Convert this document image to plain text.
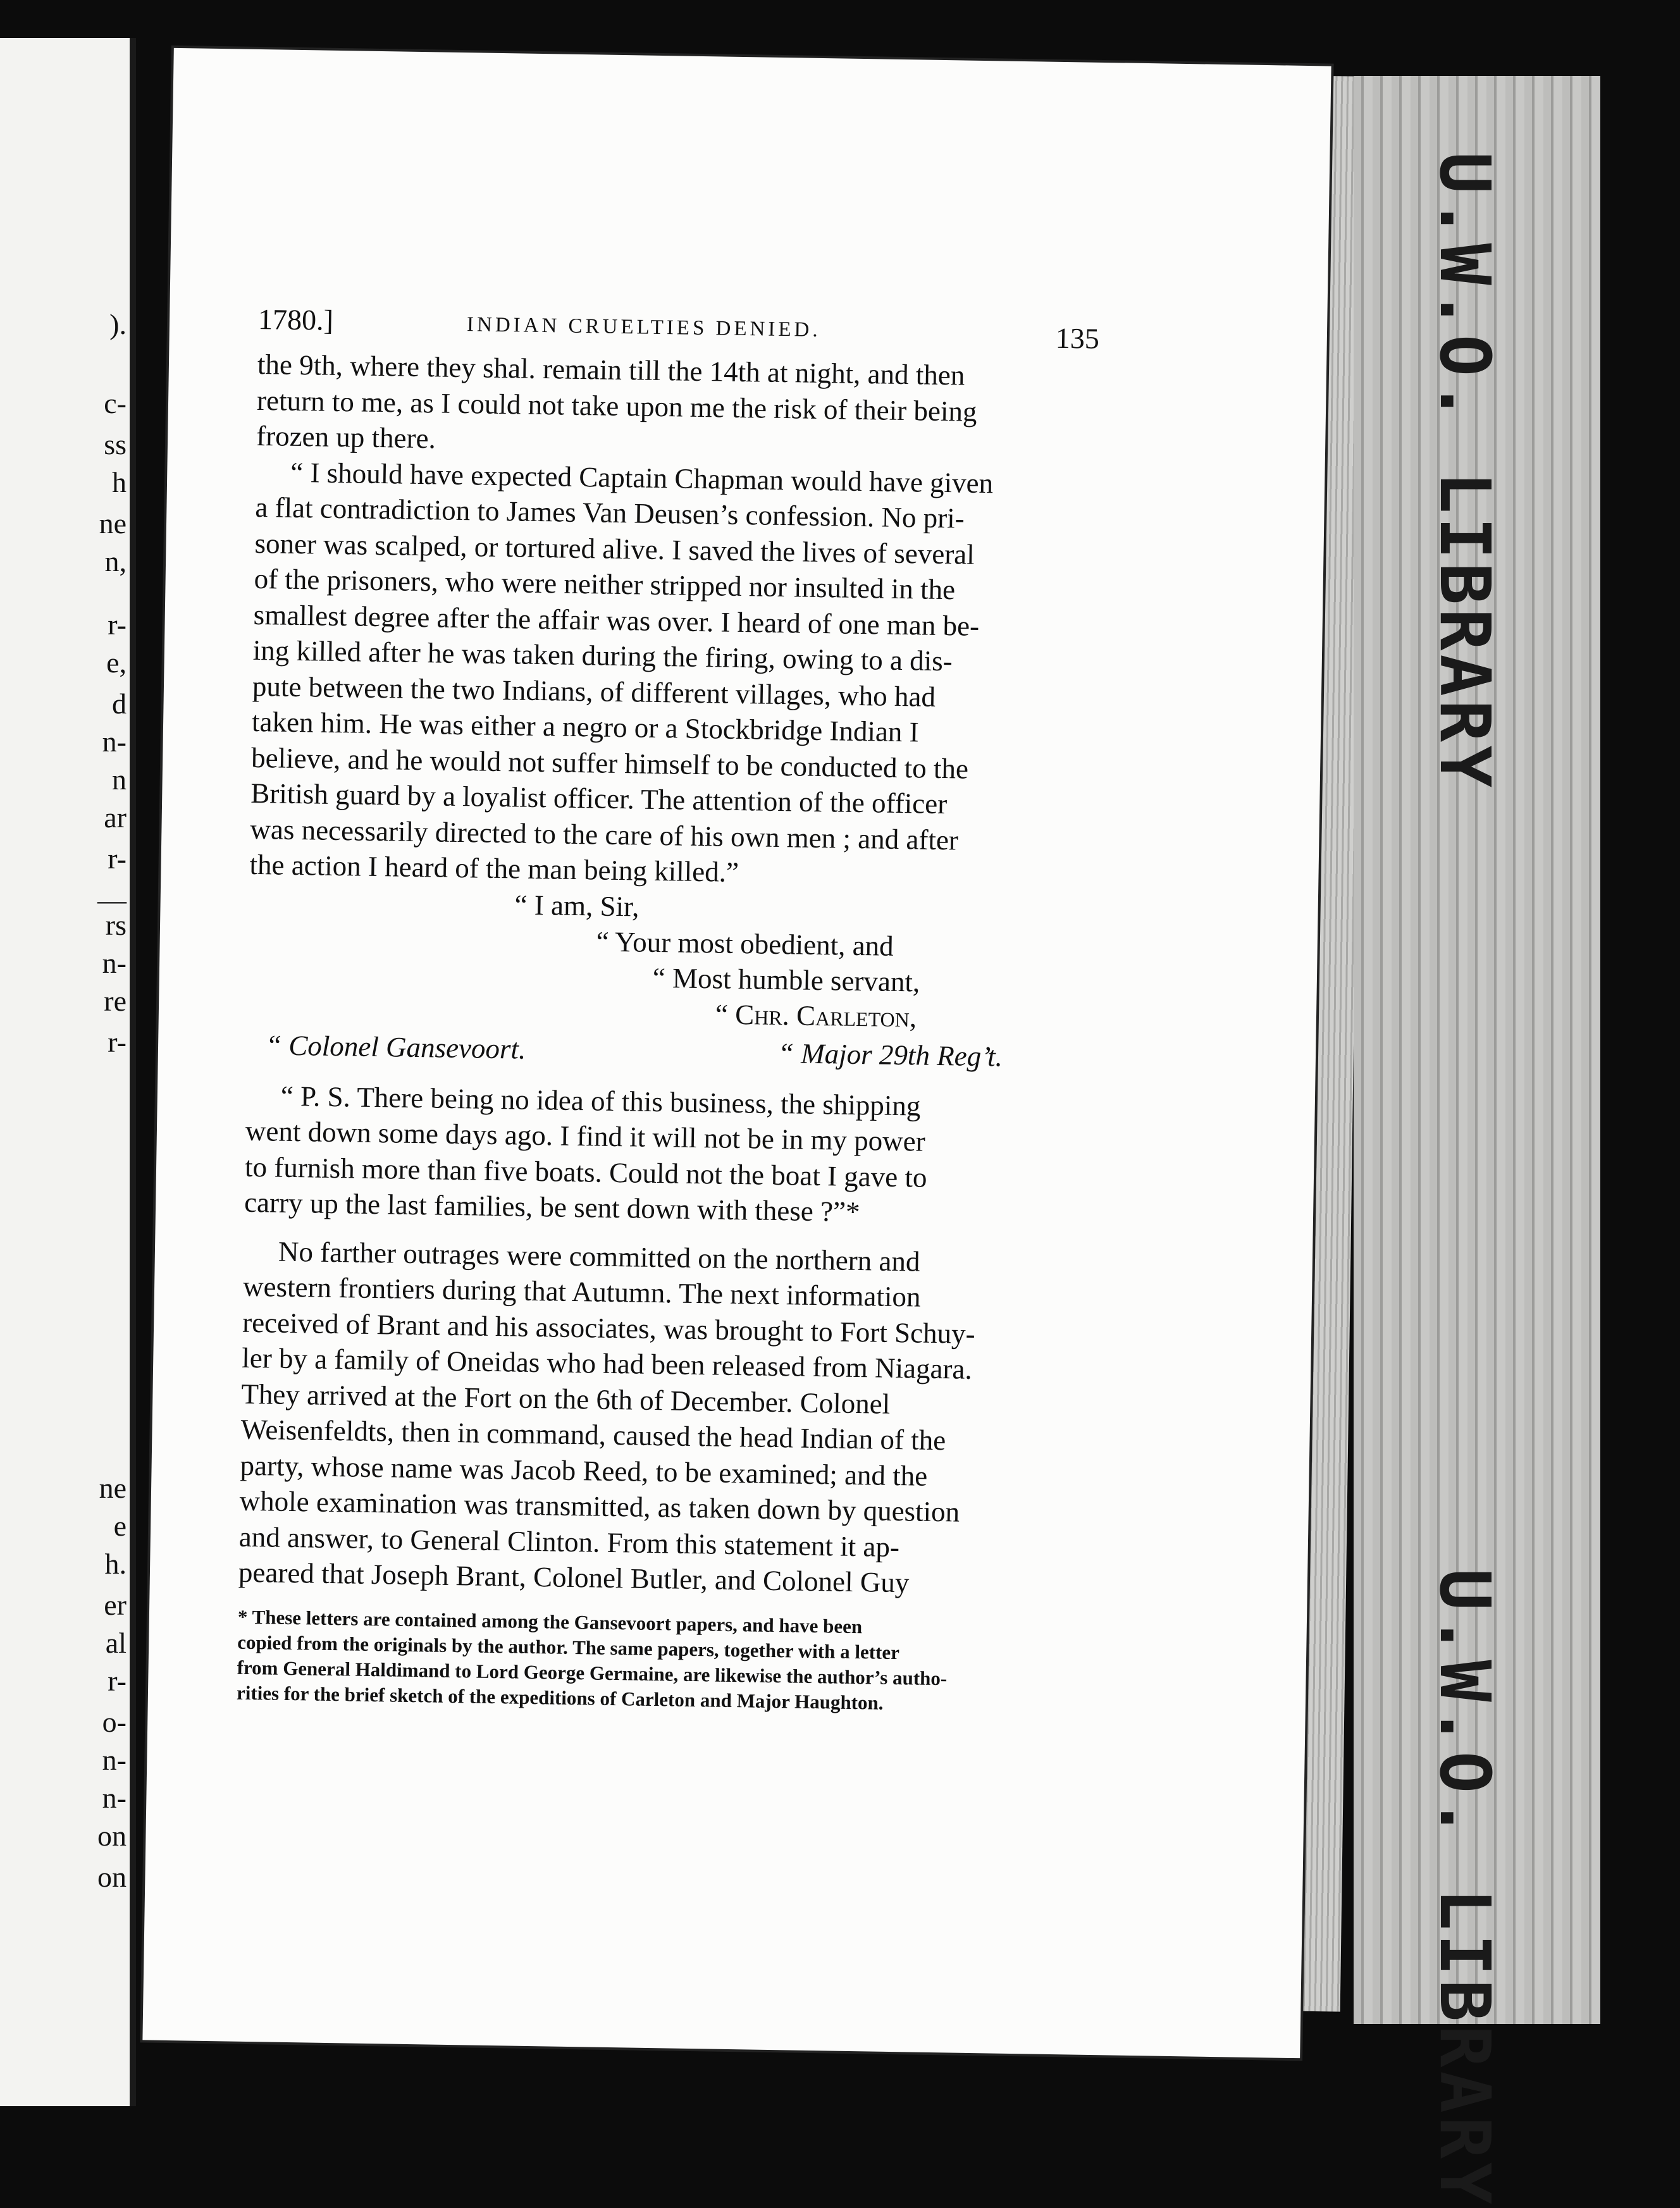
).
c-
ss
h
ne
n,
r-
e,
d
n-
n
ar
r-
—
rs
n-
re
r-
ne
e
h.
er
al
r-
o-
n-
n-
on
on
U.W.O. LIBRARY
U.W.O. LIBRARY
1780.]	INDIAN CRUELTIES DENIED.	135

the 9th, where they shal. remain till the 14th at night, and then
return to me, as I could not take upon me the risk of their being
frozen up there.

“ I should have expected Captain Chapman would have given
a flat contradiction to James Van Deusen’s confession. No pri-
soner was scalped, or tortured alive. I saved the lives of several
of the prisoners, who were neither stripped nor insulted in the
smallest degree after the affair was over. I heard of one man be-
ing killed after he was taken during the firing, owing to a dis-
pute between the two Indians, of different villages, who had
taken him. He was either a negro or a Stockbridge Indian I
believe, and he would not suffer himself to be conducted to the
British guard by a loyalist officer. The attention of the officer
was necessarily directed to the care of his own men ; and after
the action I heard of the man being killed.”

“ I am, Sir,
“ Your most obedient, and
“ Most humble servant,
“ Chr. Carleton,
“ Colonel Gansevoort.	“ Major 29th Reg’t.

“ P. S. There being no idea of this business, the shipping
went down some days ago. I find it will not be in my power
to furnish more than five boats. Could not the boat I gave to
carry up the last families, be sent down with these ?”*

No farther outrages were committed on the northern and
western frontiers during that Autumn. The next information
received of Brant and his associates, was brought to Fort Schuy-
ler by a family of Oneidas who had been released from Niagara.
They arrived at the Fort on the 6th of December. Colonel
Weisenfeldts, then in command, caused the head Indian of the
party, whose name was Jacob Reed, to be examined; and the
whole examination was transmitted, as taken down by question
and answer, to General Clinton. From this statement it ap-
peared that Joseph Brant, Colonel Butler, and Colonel Guy

* These letters are contained among the Gansevoort papers, and have been
copied from the originals by the author. The same papers, together with a letter
from General Haldimand to Lord George Germaine, are likewise the author’s autho-
rities for the brief sketch of the expeditions of Carleton and Major Haughton.
